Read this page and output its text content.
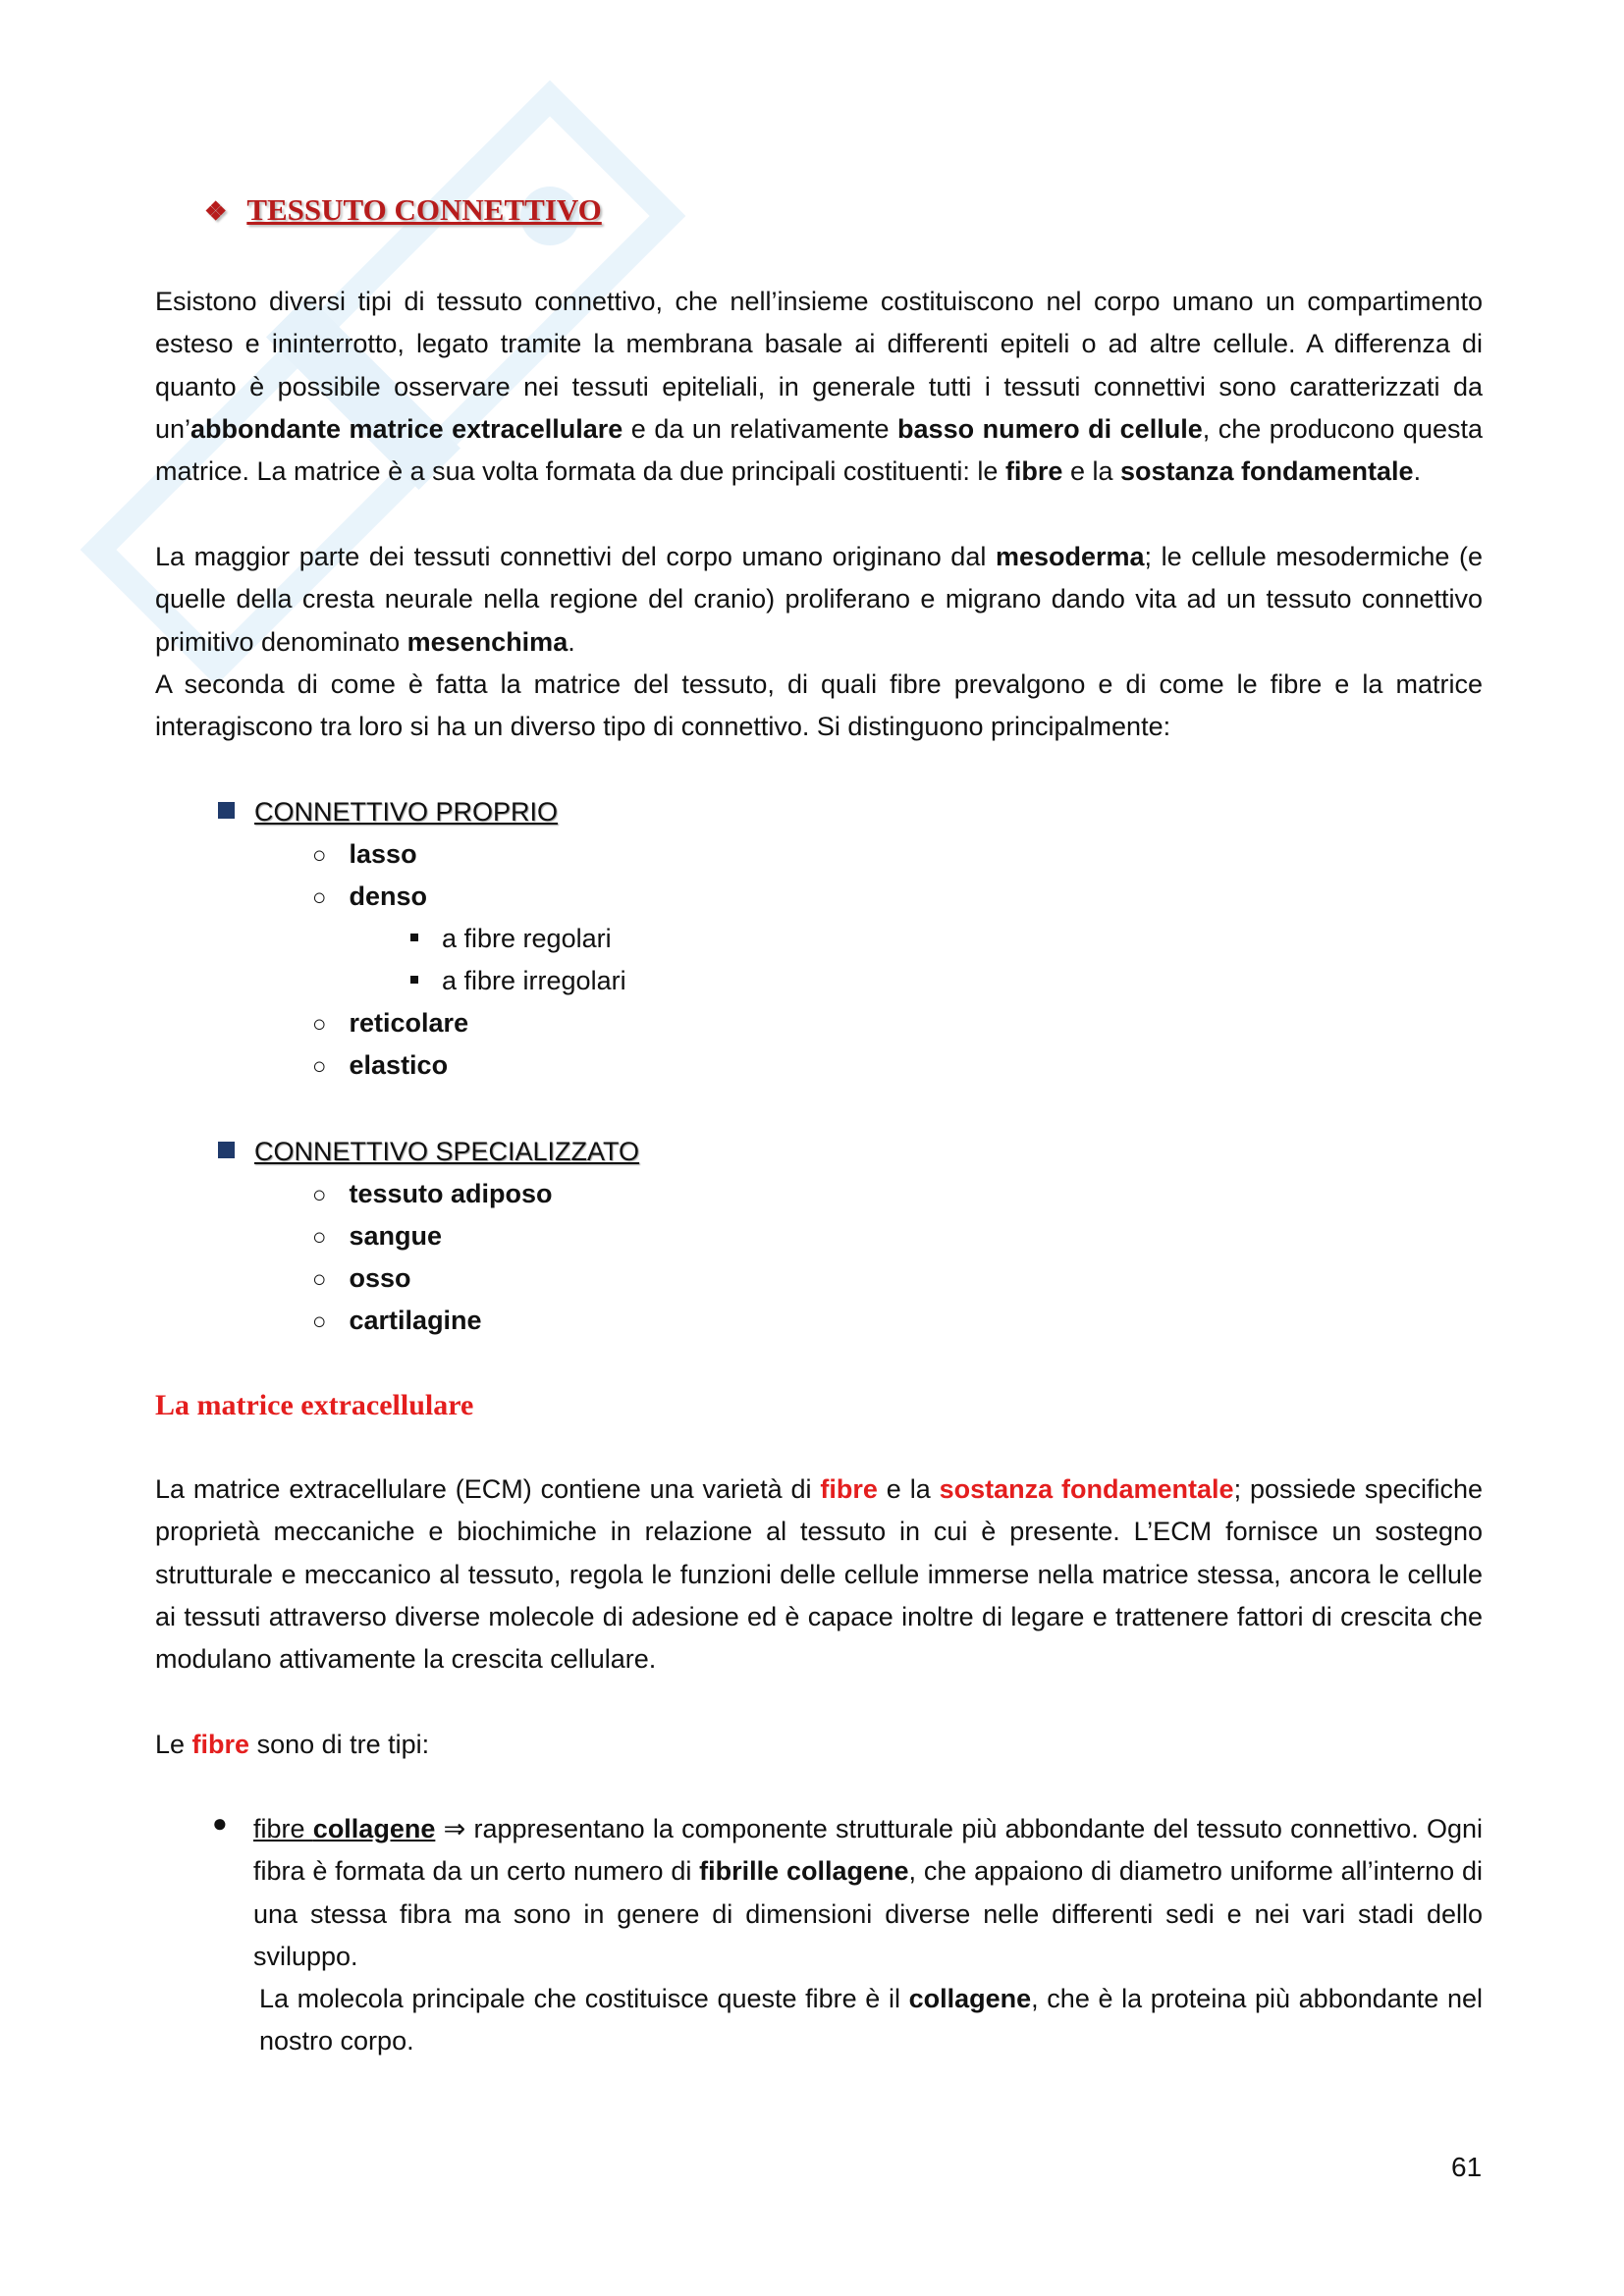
❖ TESSUTO CONNETTIVO

Esistono diversi tipi di tessuto connettivo, che nell’insieme costituiscono nel corpo umano un compartimento esteso e ininterrotto, legato tramite la membrana basale ai differenti epiteli o ad altre cellule. A differenza di quanto è possibile osservare nei tessuti epiteliali, in generale tutti i tessuti connettivi sono caratterizzati da un’abbondante matrice extracellulare e da un relativamente basso numero di cellule, che producono questa matrice. La matrice è a sua volta formata da due principali costituenti: le fibre e la sostanza fondamentale.

La maggior parte dei tessuti connettivi del corpo umano originano dal mesoderma; le cellule mesodermiche (e quelle della cresta neurale nella regione del cranio) proliferano e migrano dando vita ad un tessuto connettivo primitivo denominato mesenchima.

A seconda di come è fatta la matrice del tessuto, di quali fibre prevalgono e di come le fibre e la matrice interagiscono tra loro si ha un diverso tipo di connettivo. Si distinguono principalmente:

CONNETTIVO PROPRIO
○ lasso
○ denso
a fibre regolari
a fibre irregolari
○ reticolare
○ elastico
CONNETTIVO SPECIALIZZATO
○ tessuto adiposo
○ sangue
○ osso
○ cartilagine
La matrice extracellulare

La matrice extracellulare (ECM) contiene una varietà di fibre e la sostanza fondamentale; possiede specifiche proprietà meccaniche e biochimiche in relazione al tessuto in cui è presente. L’ECM fornisce un sostegno strutturale e meccanico al tessuto, regola le funzioni delle cellule immerse nella matrice stessa, ancora le cellule ai tessuti attraverso diverse molecole di adesione ed è capace inoltre di legare e trattenere fattori di crescita che modulano attivamente la crescita cellulare.

Le fibre sono di tre tipi:

● fibre collagene ⇒ rappresentano la componente strutturale più abbondante del tessuto connettivo. Ogni fibra è formata da un certo numero di fibrille collagene, che appaiono di diametro uniforme all’interno di una stessa fibra ma sono in genere di dimensioni diverse nelle differenti sedi e nei vari stadi dello sviluppo.

La molecola principale che costituisce queste fibre è il collagene, che è la proteina più abbondante nel nostro corpo.

61
